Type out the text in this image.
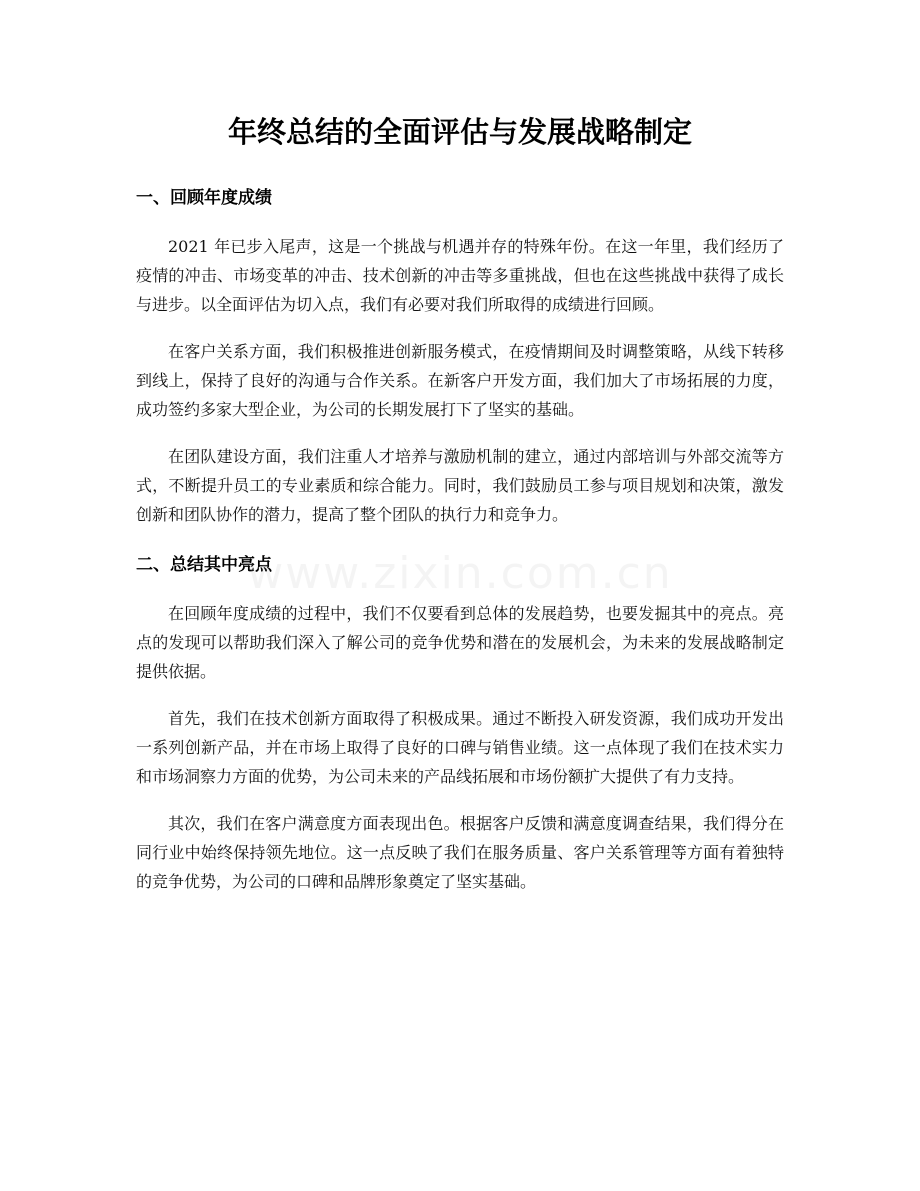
年终总结的全面评估与发展战略制定
一、回顾年度成绩

2021 年已步入尾声，这是一个挑战与机遇并存的特殊年份。在这一年里，我们经历了疫情的冲击、市场变革的冲击、技术创新的冲击等多重挑战，但也在这些挑战中获得了成长与进步。以全面评估为切入点，我们有必要对我们所取得的成绩进行回顾。

在客户关系方面，我们积极推进创新服务模式，在疫情期间及时调整策略，从线下转移到线上，保持了良好的沟通与合作关系。在新客户开发方面，我们加大了市场拓展的力度，成功签约多家大型企业，为公司的长期发展打下了坚实的基础。

在团队建设方面，我们注重人才培养与激励机制的建立，通过内部培训与外部交流等方式，不断提升员工的专业素质和综合能力。同时，我们鼓励员工参与项目规划和决策，激发创新和团队协作的潜力，提高了整个团队的执行力和竞争力。

二、总结其中亮点

在回顾年度成绩的过程中，我们不仅要看到总体的发展趋势，也要发掘其中的亮点。亮点的发现可以帮助我们深入了解公司的竞争优势和潜在的发展机会，为未来的发展战略制定提供依据。

首先，我们在技术创新方面取得了积极成果。通过不断投入研发资源，我们成功开发出一系列创新产品，并在市场上取得了良好的口碑与销售业绩。这一点体现了我们在技术实力和市场洞察力方面的优势，为公司未来的产品线拓展和市场份额扩大提供了有力支持。

其次，我们在客户满意度方面表现出色。根据客户反馈和满意度调查结果，我们得分在同行业中始终保持领先地位。这一点反映了我们在服务质量、客户关系管理等方面有着独特的竞争优势，为公司的口碑和品牌形象奠定了坚实基础。

www.zixin.com.cn
